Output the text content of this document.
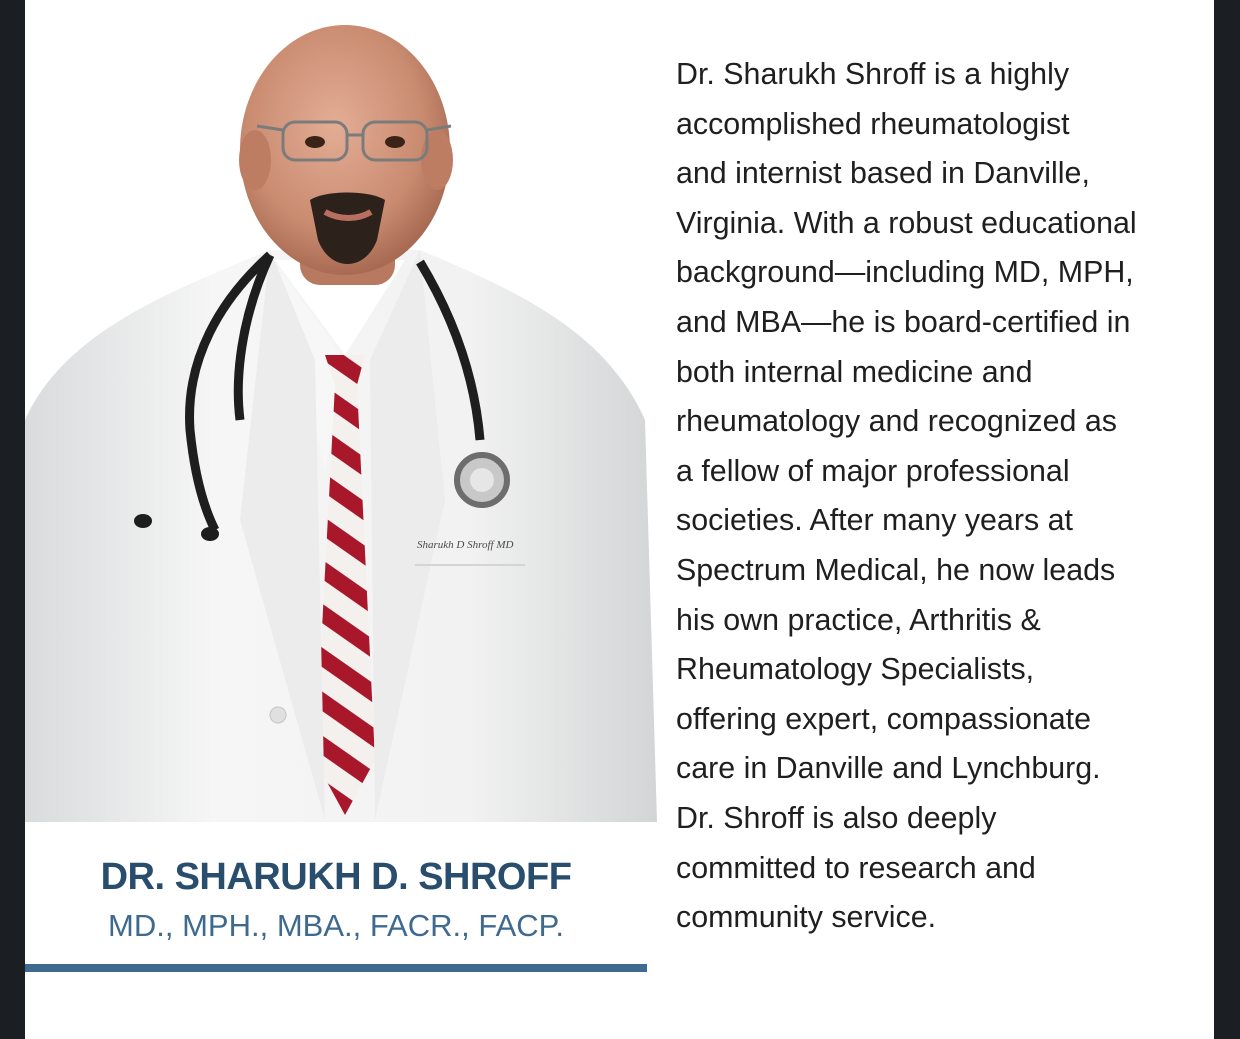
Sharukh D Shroff MD
DR. SHARUKH D. SHROFF
MD., MPH., MBA., FACR., FACP.
Dr. Sharukh Shroff is a highly
accomplished rheumatologist
and internist based in Danville,
Virginia. With a robust educational
background—including MD, MPH,
and MBA—he is board-certified in
both internal medicine and
rheumatology and recognized as
a fellow of major professional
societies. After many years at
Spectrum Medical, he now leads
his own practice, Arthritis &
Rheumatology Specialists,
offering expert, compassionate
care in Danville and Lynchburg.
Dr. Shroff is also deeply
committed to research and
community service.
